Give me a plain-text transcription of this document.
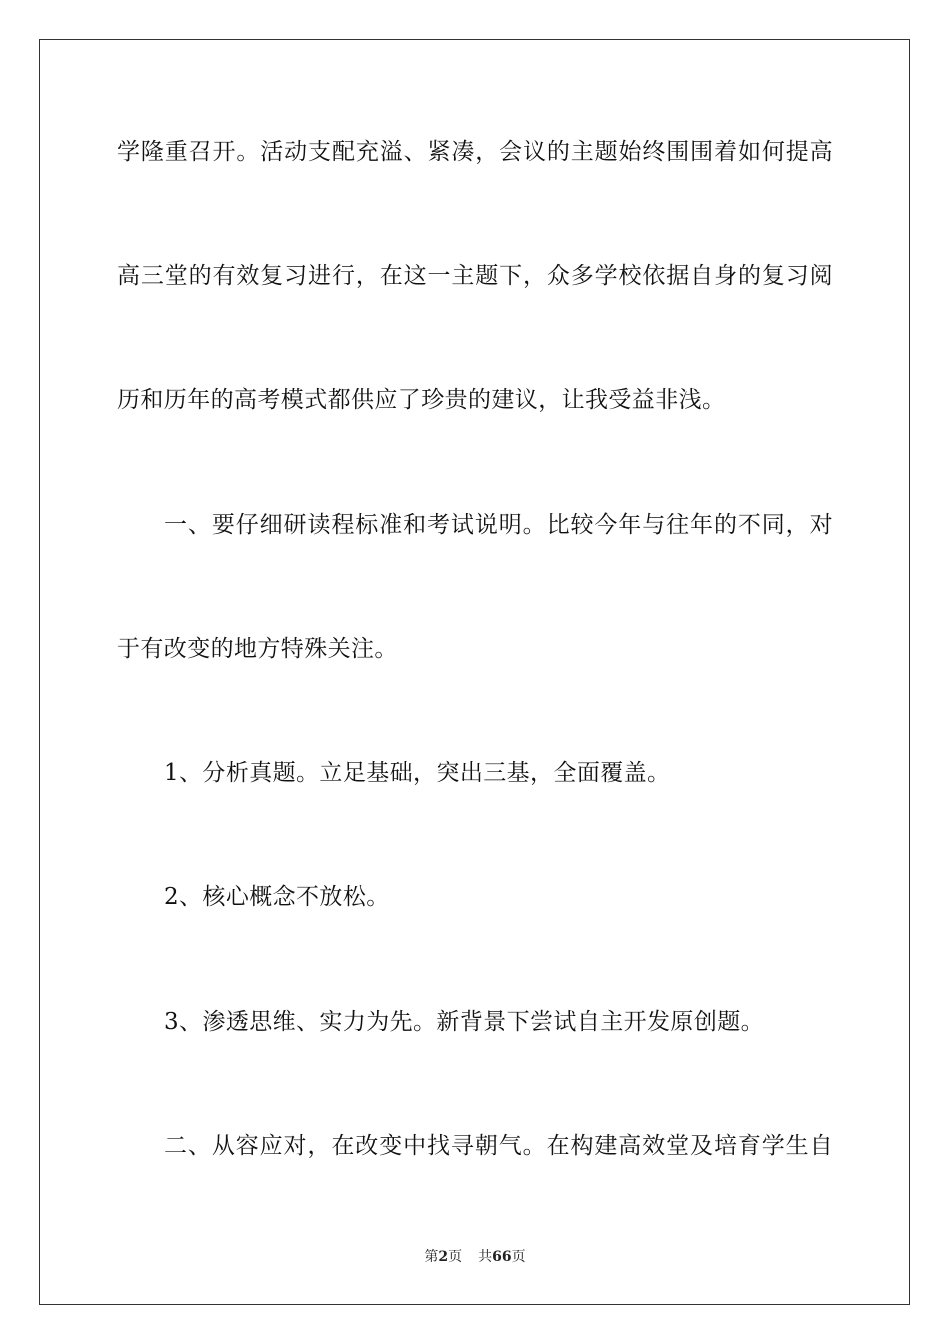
学隆重召开。活动支配充溢、紧凑，会议的主题始终围围着如何提高
高三堂的有效复习进行，在这一主题下，众多学校依据自身的复习阅
历和历年的高考模式都供应了珍贵的建议，让我受益非浅。
一、要仔细研读程标准和考试说明。比较今年与往年的不同，对
于有改变的地方特殊关注。
1、分析真题。立足基础，突出三基，全面覆盖。
2、核心概念不放松。
3、渗透思维、实力为先。新背景下尝试自主开发原创题。
二、从容应对，在改变中找寻朝气。在构建高效堂及培育学生自
第2页 共66页
